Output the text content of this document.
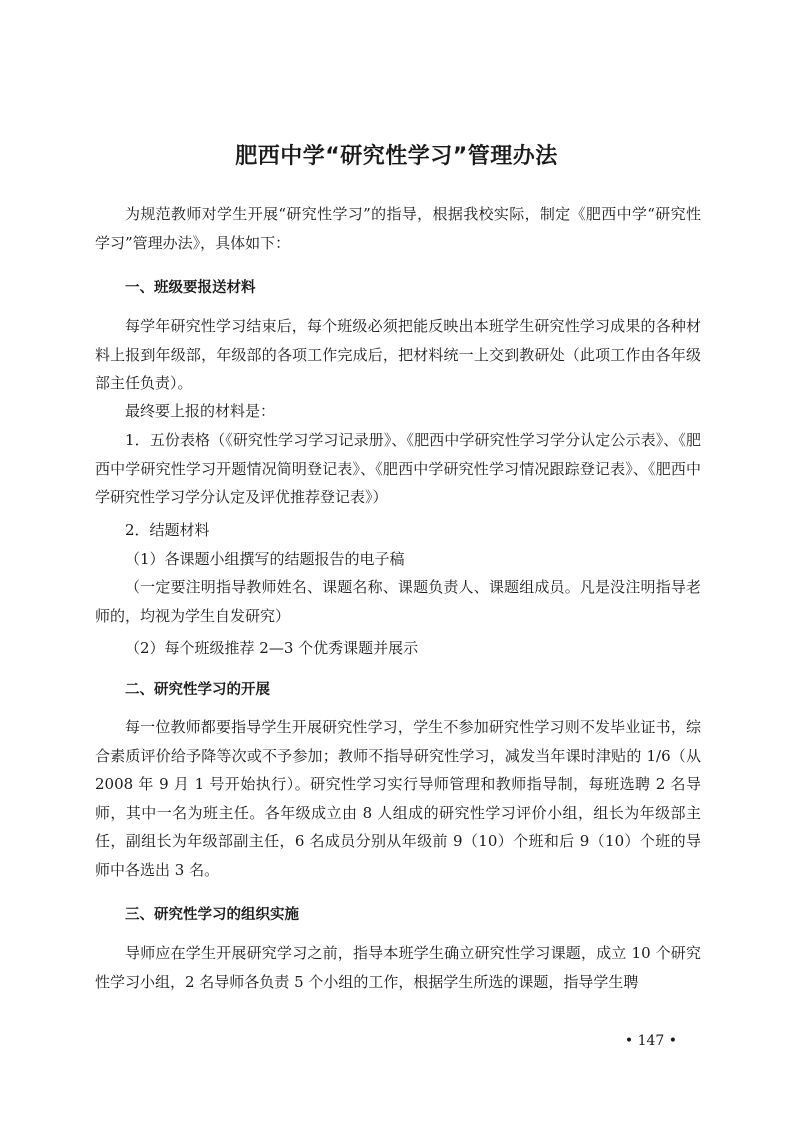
肥西中学“研究性学习”管理办法

为规范教师对学生开展“研究性学习”的指导，根据我校实际，制定《肥西中学“研究性学习”管理办法》，具体如下：

一、班级要报送材料

每学年研究性学习结束后，每个班级必须把能反映出本班学生研究性学习成果的各种材料上报到年级部，年级部的各项工作完成后，把材料统一上交到教研处（此项工作由各年级部主任负责）。

最终要上报的材料是：

1．五份表格（《研究性学习学习记录册》、《肥西中学研究性学习学分认定公示表》、《肥西中学研究性学习开题情况简明登记表》、《肥西中学研究性学习情况跟踪登记表》、《肥西中学研究性学习学分认定及评优推荐登记表》）

2．结题材料

（1）各课题小组撰写的结题报告的电子稿

（一定要注明指导教师姓名、课题名称、课题负责人、课题组成员。凡是没注明指导老师的，均视为学生自发研究）

（2）每个班级推荐 2—3 个优秀课题并展示

二、研究性学习的开展

每一位教师都要指导学生开展研究性学习，学生不参加研究性学习则不发毕业证书，综合素质评价给予降等次或不予参加；教师不指导研究性学习，减发当年课时津贴的 1/6（从 2008 年 9 月 1 号开始执行）。研究性学习实行导师管理和教师指导制，每班选聘 2 名导师，其中一名为班主任。各年级成立由 8 人组成的研究性学习评价小组，组长为年级部主任，副组长为年级部副主任，6 名成员分别从年级前 9（10）个班和后 9（10）个班的导师中各选出 3 名。

三、研究性学习的组织实施

导师应在学生开展研究学习之前，指导本班学生确立研究性学习课题，成立 10 个研究性学习小组，2 名导师各负责 5 个小组的工作，根据学生所选的课题，指导学生聘

• 147 •
